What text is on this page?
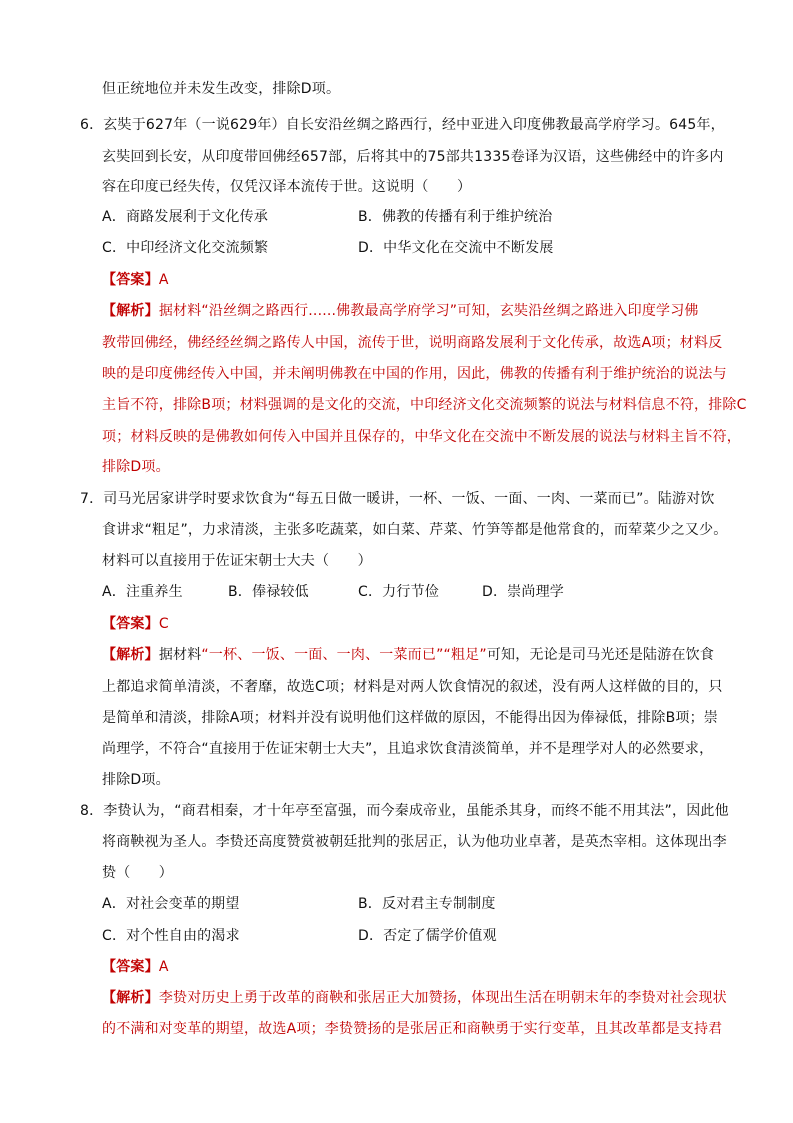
但正统地位并未发生改变，排除D项。
6．玄奘于627年（一说629年）自长安沿丝绸之路西行，经中亚进入印度佛教最高学府学习。645年，
玄奘回到长安，从印度带回佛经657部，后将其中的75部共1335卷译为汉语，这些佛经中的许多内
容在印度已经失传，仅凭汉译本流传于世。这说明（　　）
A．商路发展利于文化传承	B．佛教的传播有利于维护统治
C．中印经济文化交流频繁	D．中华文化在交流中不断发展
【答案】A
【解析】据材料“沿丝绸之路西行......佛教最高学府学习”可知，玄奘沿丝绸之路进入印度学习佛
教带回佛经，佛经经丝绸之路传人中国，流传于世，说明商路发展利于文化传承，故选A项；材料反
映的是印度佛经传入中国，并未阐明佛教在中国的作用，因此，佛教的传播有利于维护统治的说法与
主旨不符，排除B项；材料强调的是文化的交流，中印经济文化交流频繁的说法与材料信息不符，排除C
项；材料反映的是佛教如何传入中国并且保存的，中华文化在交流中不断发展的说法与材料主旨不符，
排除D项。
7．司马光居家讲学时要求饮食为“每五日做一暖讲，一杯、一饭、一面、一肉、一菜而已”。陆游对饮
食讲求“粗足”，力求清淡，主张多吃蔬菜，如白菜、芹菜、竹笋等都是他常食的，而荤菜少之又少。
材料可以直接用于佐证宋朝士大夫（　　）
A．注重养生	B．俸禄较低	C．力行节俭	D．崇尚理学
【答案】C
【解析】据材料“一杯、一饭、一面、一肉、一菜而已”“粗足”可知，无论是司马光还是陆游在饮食
上都追求简单清淡，不奢靡，故选C项；材料是对两人饮食情况的叙述，没有两人这样做的目的，只
是简单和清淡，排除A项；材料并没有说明他们这样做的原因，不能得出因为俸禄低，排除B项；崇
尚理学，不符合“直接用于佐证宋朝士大夫”，且追求饮食清淡简单，并不是理学对人的必然要求，
排除D项。
8．李贽认为，“商君相秦，才十年亭至富强，而今秦成帝业，虽能杀其身，而终不能不用其法”，因此他
将商鞅视为圣人。李贽还高度赞赏被朝廷批判的张居正，认为他功业卓著，是英杰宰相。这体现出李
贽（　　）
A．对社会变革的期望	B．反对君主专制制度
C．对个性自由的渴求	D．否定了儒学价值观
【答案】A
【解析】李贽对历史上勇于改革的商鞅和张居正大加赞扬，体现出生活在明朝末年的李贽对社会现状
的不满和对变革的期望，故选A项；李贽赞扬的是张居正和商鞅勇于实行变革，且其改革都是支持君
